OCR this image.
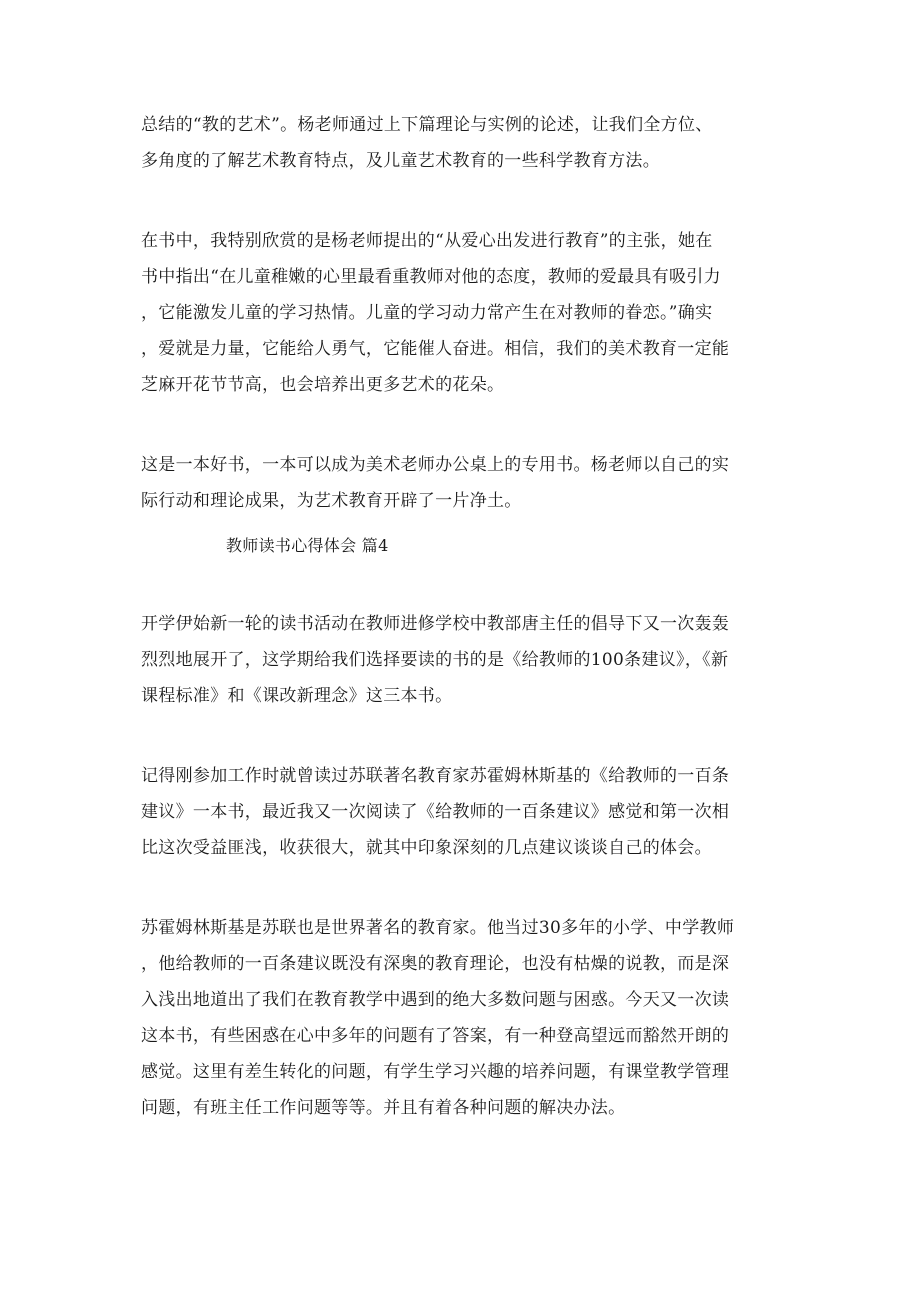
总结的“教的艺术”。杨老师通过上下篇理论与实例的论述，让我们全方位、
多角度的了解艺术教育特点，及儿童艺术教育的一些科学教育方法。
在书中，我特别欣赏的是杨老师提出的“从爱心出发进行教育”的主张，她在
书中指出“在儿童稚嫩的心里最看重教师对他的态度，教师的爱最具有吸引力
，它能激发儿童的学习热情。儿童的学习动力常产生在对教师的眷恋。”确实
，爱就是力量，它能给人勇气，它能催人奋进。相信，我们的美术教育一定能
芝麻开花节节高，也会培养出更多艺术的花朵。
这是一本好书，一本可以成为美术老师办公桌上的专用书。杨老师以自己的实
际行动和理论成果，为艺术教育开辟了一片净土。
教师读书心得体会 篇4
开学伊始新一轮的读书活动在教师进修学校中教部唐主任的倡导下又一次轰轰
烈烈地展开了，这学期给我们选择要读的书的是《给教师的100条建议》，《新
课程标准》和《课改新理念》这三本书。
记得刚参加工作时就曾读过苏联著名教育家苏霍姆林斯基的《给教师的一百条
建议》一本书，最近我又一次阅读了《给教师的一百条建议》感觉和第一次相
比这次受益匪浅，收获很大，就其中印象深刻的几点建议谈谈自己的体会。
苏霍姆林斯基是苏联也是世界著名的教育家。他当过30多年的小学、中学教师
，他给教师的一百条建议既没有深奥的教育理论，也没有枯燥的说教，而是深
入浅出地道出了我们在教育教学中遇到的绝大多数问题与困惑。今天又一次读
这本书，有些困惑在心中多年的问题有了答案，有一种登高望远而豁然开朗的
感觉。这里有差生转化的问题，有学生学习兴趣的培养问题，有课堂教学管理
问题，有班主任工作问题等等。并且有着各种问题的解决办法。
